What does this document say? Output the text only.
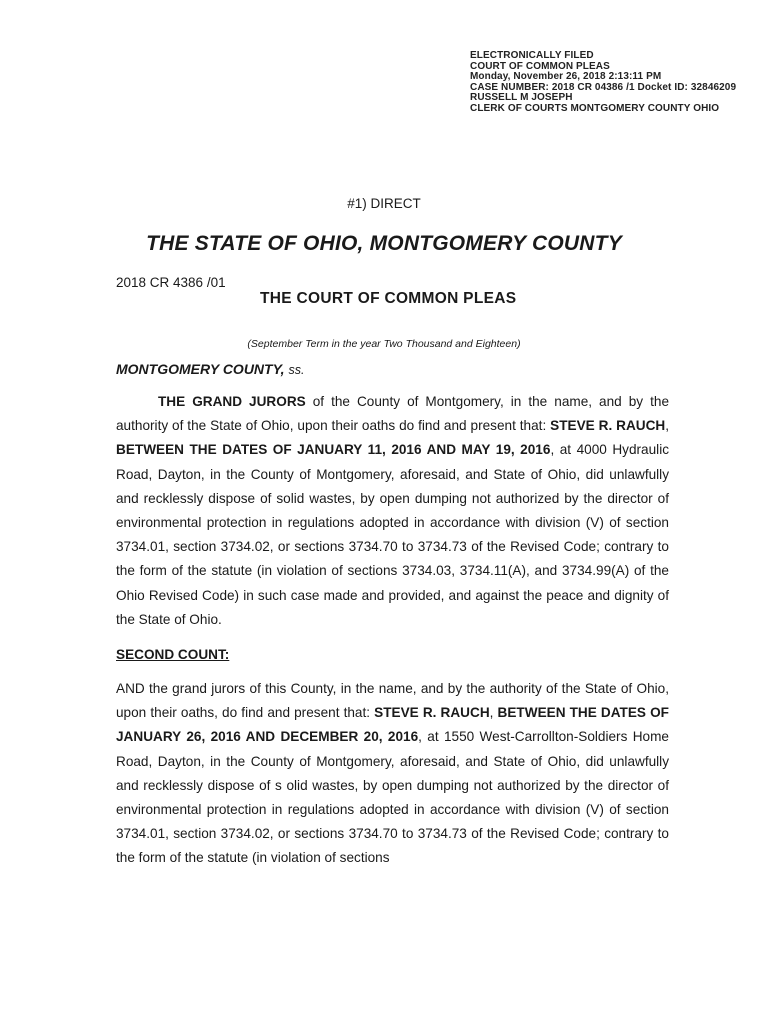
ELECTRONICALLY FILED
COURT OF COMMON PLEAS
Monday, November 26, 2018 2:13:11 PM
CASE NUMBER: 2018 CR 04386 /1 Docket ID: 32846209
RUSSELL M JOSEPH
CLERK OF COURTS MONTGOMERY COUNTY OHIO
#1) DIRECT
THE STATE OF OHIO, MONTGOMERY COUNTY
2018 CR 4386 /01
THE COURT OF COMMON PLEAS
(September Term in the year Two Thousand and Eighteen)
MONTGOMERY COUNTY, ss.
THE GRAND JURORS of the County of Montgomery, in the name, and by the authority of the State of Ohio, upon their oaths do find and present that: STEVE R. RAUCH, BETWEEN THE DATES OF JANUARY 11, 2016 AND MAY 19, 2016, at 4000 Hydraulic Road, Dayton, in the County of Montgomery, aforesaid, and State of Ohio, did unlawfully and recklessly dispose of solid wastes, by open dumping not authorized by the director of environmental protection in regulations adopted in accordance with division (V) of section 3734.01, section 3734.02, or sections 3734.70 to 3734.73 of the Revised Code; contrary to the form of the statute (in violation of sections 3734.03, 3734.11(A), and 3734.99(A) of the Ohio Revised Code) in such case made and provided, and against the peace and dignity of the State of Ohio.
SECOND COUNT:
AND the grand jurors of this County, in the name, and by the authority of the State of Ohio, upon their oaths, do find and present that: STEVE R. RAUCH, BETWEEN THE DATES OF JANUARY 26, 2016 AND DECEMBER 20, 2016, at 1550 West-Carrollton-Soldiers Home Road, Dayton, in the County of Montgomery, aforesaid, and State of Ohio, did unlawfully and recklessly dispose of s olid wastes, by open dumping not authorized by the director of environmental protection in regulations adopted in accordance with division (V) of section 3734.01, section 3734.02, or sections 3734.70 to 3734.73 of the Revised Code; contrary to the form of the statute (in violation of sections
